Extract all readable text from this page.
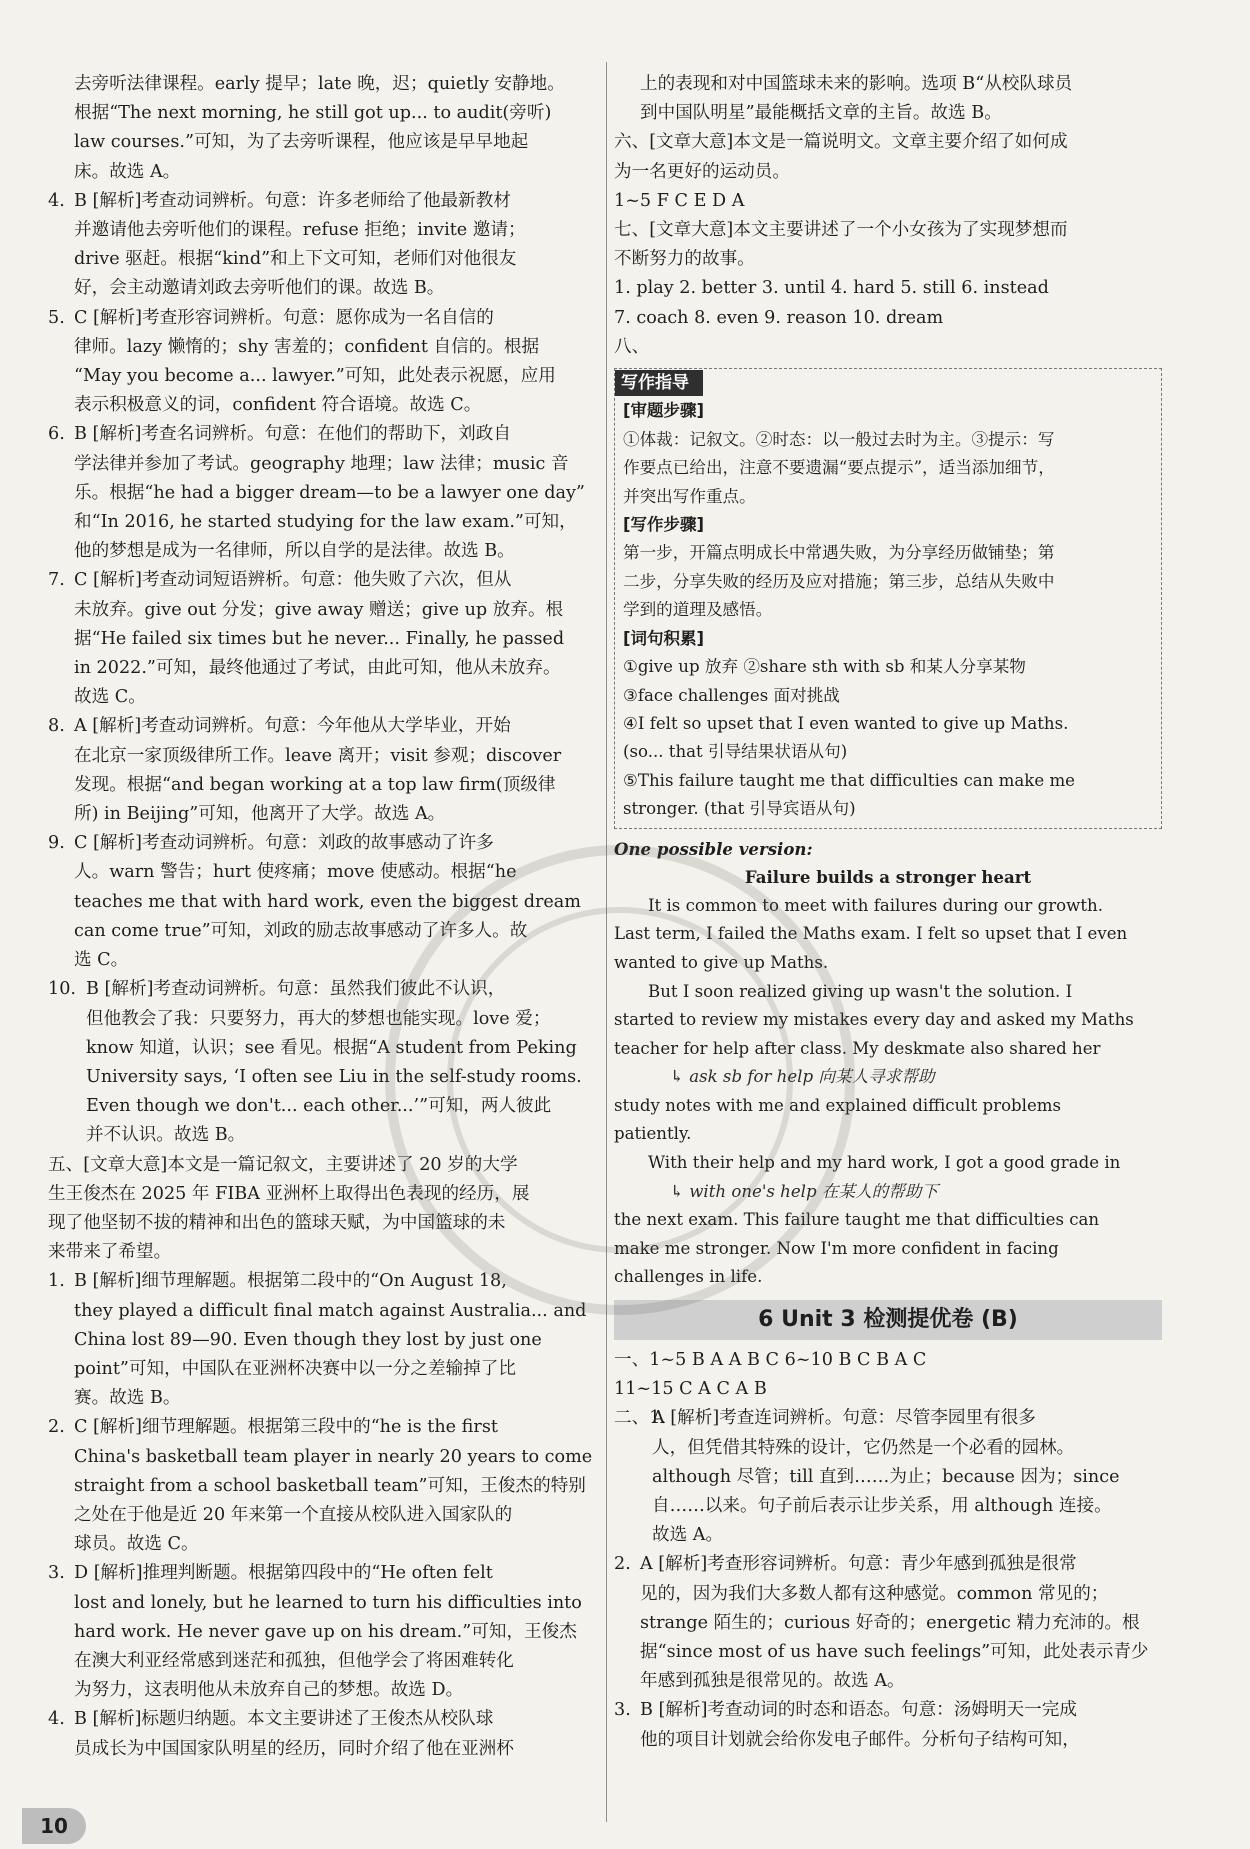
去旁听法律课程。early 提早；late 晚，迟；quietly 安静地。

根据“The next morning, he still got up... to audit(旁听)

law courses.”可知，为了去旁听课程，他应该是早早地起

床。故选 A。

4. B [解析]考查动词辨析。句意：许多老师给了他最新教材

并邀请他去旁听他们的课程。refuse 拒绝；invite 邀请；

drive 驱赶。根据“kind”和上下文可知，老师们对他很友

好，会主动邀请刘政去旁听他们的课。故选 B。

5. C [解析]考查形容词辨析。句意：愿你成为一名自信的

律师。lazy 懒惰的；shy 害羞的；confident 自信的。根据

“May you become a... lawyer.”可知，此处表示祝愿，应用

表示积极意义的词，confident 符合语境。故选 C。

6. B [解析]考查名词辨析。句意：在他们的帮助下，刘政自

学法律并参加了考试。geography 地理；law 法律；music 音

乐。根据“he had a bigger dream—to be a lawyer one day”

和“In 2016, he started studying for the law exam.”可知，

他的梦想是成为一名律师，所以自学的是法律。故选 B。

7. C [解析]考查动词短语辨析。句意：他失败了六次，但从

未放弃。give out 分发；give away 赠送；give up 放弃。根

据“He failed six times but he never... Finally, he passed

in 2022.”可知，最终他通过了考试，由此可知，他从未放弃。

故选 C。

8. A [解析]考查动词辨析。句意：今年他从大学毕业，开始

在北京一家顶级律所工作。leave 离开；visit 参观；discover

发现。根据“and began working at a top law firm(顶级律

所) in Beijing”可知，他离开了大学。故选 A。

9. C [解析]考查动词辨析。句意：刘政的故事感动了许多

人。warn 警告；hurt 使疼痛；move 使感动。根据“he

teaches me that with hard work, even the biggest dream

can come true”可知，刘政的励志故事感动了许多人。故

选 C。

10. B [解析]考查动词辨析。句意：虽然我们彼此不认识，

但他教会了我：只要努力，再大的梦想也能实现。love 爱；

know 知道，认识；see 看见。根据“A student from Peking

University says, ‘I often see Liu in the self-study rooms.

Even though we don't... each other...’”可知，两人彼此

并不认识。故选 B。

五、[文章大意]本文是一篇记叙文，主要讲述了 20 岁的大学

生王俊杰在 2025 年 FIBA 亚洲杯上取得出色表现的经历，展

现了他坚韧不拔的精神和出色的篮球天赋，为中国篮球的未

来带来了希望。

1. B [解析]细节理解题。根据第二段中的“On August 18,

they played a difficult final match against Australia... and

China lost 89—90. Even though they lost by just one

point”可知，中国队在亚洲杯决赛中以一分之差输掉了比

赛。故选 B。

2. C [解析]细节理解题。根据第三段中的“he is the first

China's basketball team player in nearly 20 years to come

straight from a school basketball team”可知，王俊杰的特别

之处在于他是近 20 年来第一个直接从校队进入国家队的

球员。故选 C。

3. D [解析]推理判断题。根据第四段中的“He often felt

lost and lonely, but he learned to turn his difficulties into

hard work. He never gave up on his dream.”可知，王俊杰

在澳大利亚经常感到迷茫和孤独，但他学会了将困难转化

为努力，这表明他从未放弃自己的梦想。故选 D。

4. B [解析]标题归纳题。本文主要讲述了王俊杰从校队球

员成长为中国国家队明星的经历，同时介绍了他在亚洲杯

上的表现和对中国篮球未来的影响。选项 B“从校队球员

到中国队明星”最能概括文章的主旨。故选 B。

六、[文章大意]本文是一篇说明文。文章主要介绍了如何成

为一名更好的运动员。

1~5 F C E D A

七、[文章大意]本文主要讲述了一个小女孩为了实现梦想而

不断努力的故事。

1. play 2. better 3. until 4. hard 5. still 6. instead

7. coach 8. even 9. reason 10. dream

八、

写作指导
[审题步骤]

①体裁：记叙文。②时态：以一般过去时为主。③提示：写

作要点已给出，注意不要遗漏“要点提示”，适当添加细节，

并突出写作重点。

[写作步骤]

第一步，开篇点明成长中常遇失败，为分享经历做铺垫；第

二步，分享失败的经历及应对措施；第三步，总结从失败中

学到的道理及感悟。

[词句积累]

①give up 放弃 ②share sth with sb 和某人分享某物

③face challenges 面对挑战

④I felt so upset that I even wanted to give up Maths.

(so... that 引导结果状语从句)

⑤This failure taught me that difficulties can make me

stronger. (that 引导宾语从句)

One possible version:

Failure builds a stronger heart

It is common to meet with failures during our growth.

Last term, I failed the Maths exam. I felt so upset that I even

wanted to give up Maths.

But I soon realized giving up wasn't the solution. I

started to review my mistakes every day and asked my Maths

teacher for help after class. My deskmate also shared her

↳ ask sb for help 向某人寻求帮助

study notes with me and explained difficult problems

patiently.

With their help and my hard work, I got a good grade in

↳ with one's help 在某人的帮助下

the next exam. This failure taught me that difficulties can

make me stronger. Now I'm more confident in facing

challenges in life.

6 Unit 3 检测提优卷 (B)

一、1~5 B A A B C 6~10 B C B A C

11~15 C A C A B

二、1.

A [解析]考查连词辨析。句意：尽管李园里有很多

人，但凭借其特殊的设计，它仍然是一个必看的园林。

although 尽管；till 直到……为止；because 因为；since

自……以来。句子前后表示让步关系，用 although 连接。

故选 A。

2. A [解析]考查形容词辨析。句意：青少年感到孤独是很常

见的，因为我们大多数人都有这种感觉。common 常见的；

strange 陌生的；curious 好奇的；energetic 精力充沛的。根

据“since most of us have such feelings”可知，此处表示青少

年感到孤独是很常见的。故选 A。

3. B [解析]考查动词的时态和语态。句意：汤姆明天一完成

他的项目计划就会给你发电子邮件。分析句子结构可知，

10
